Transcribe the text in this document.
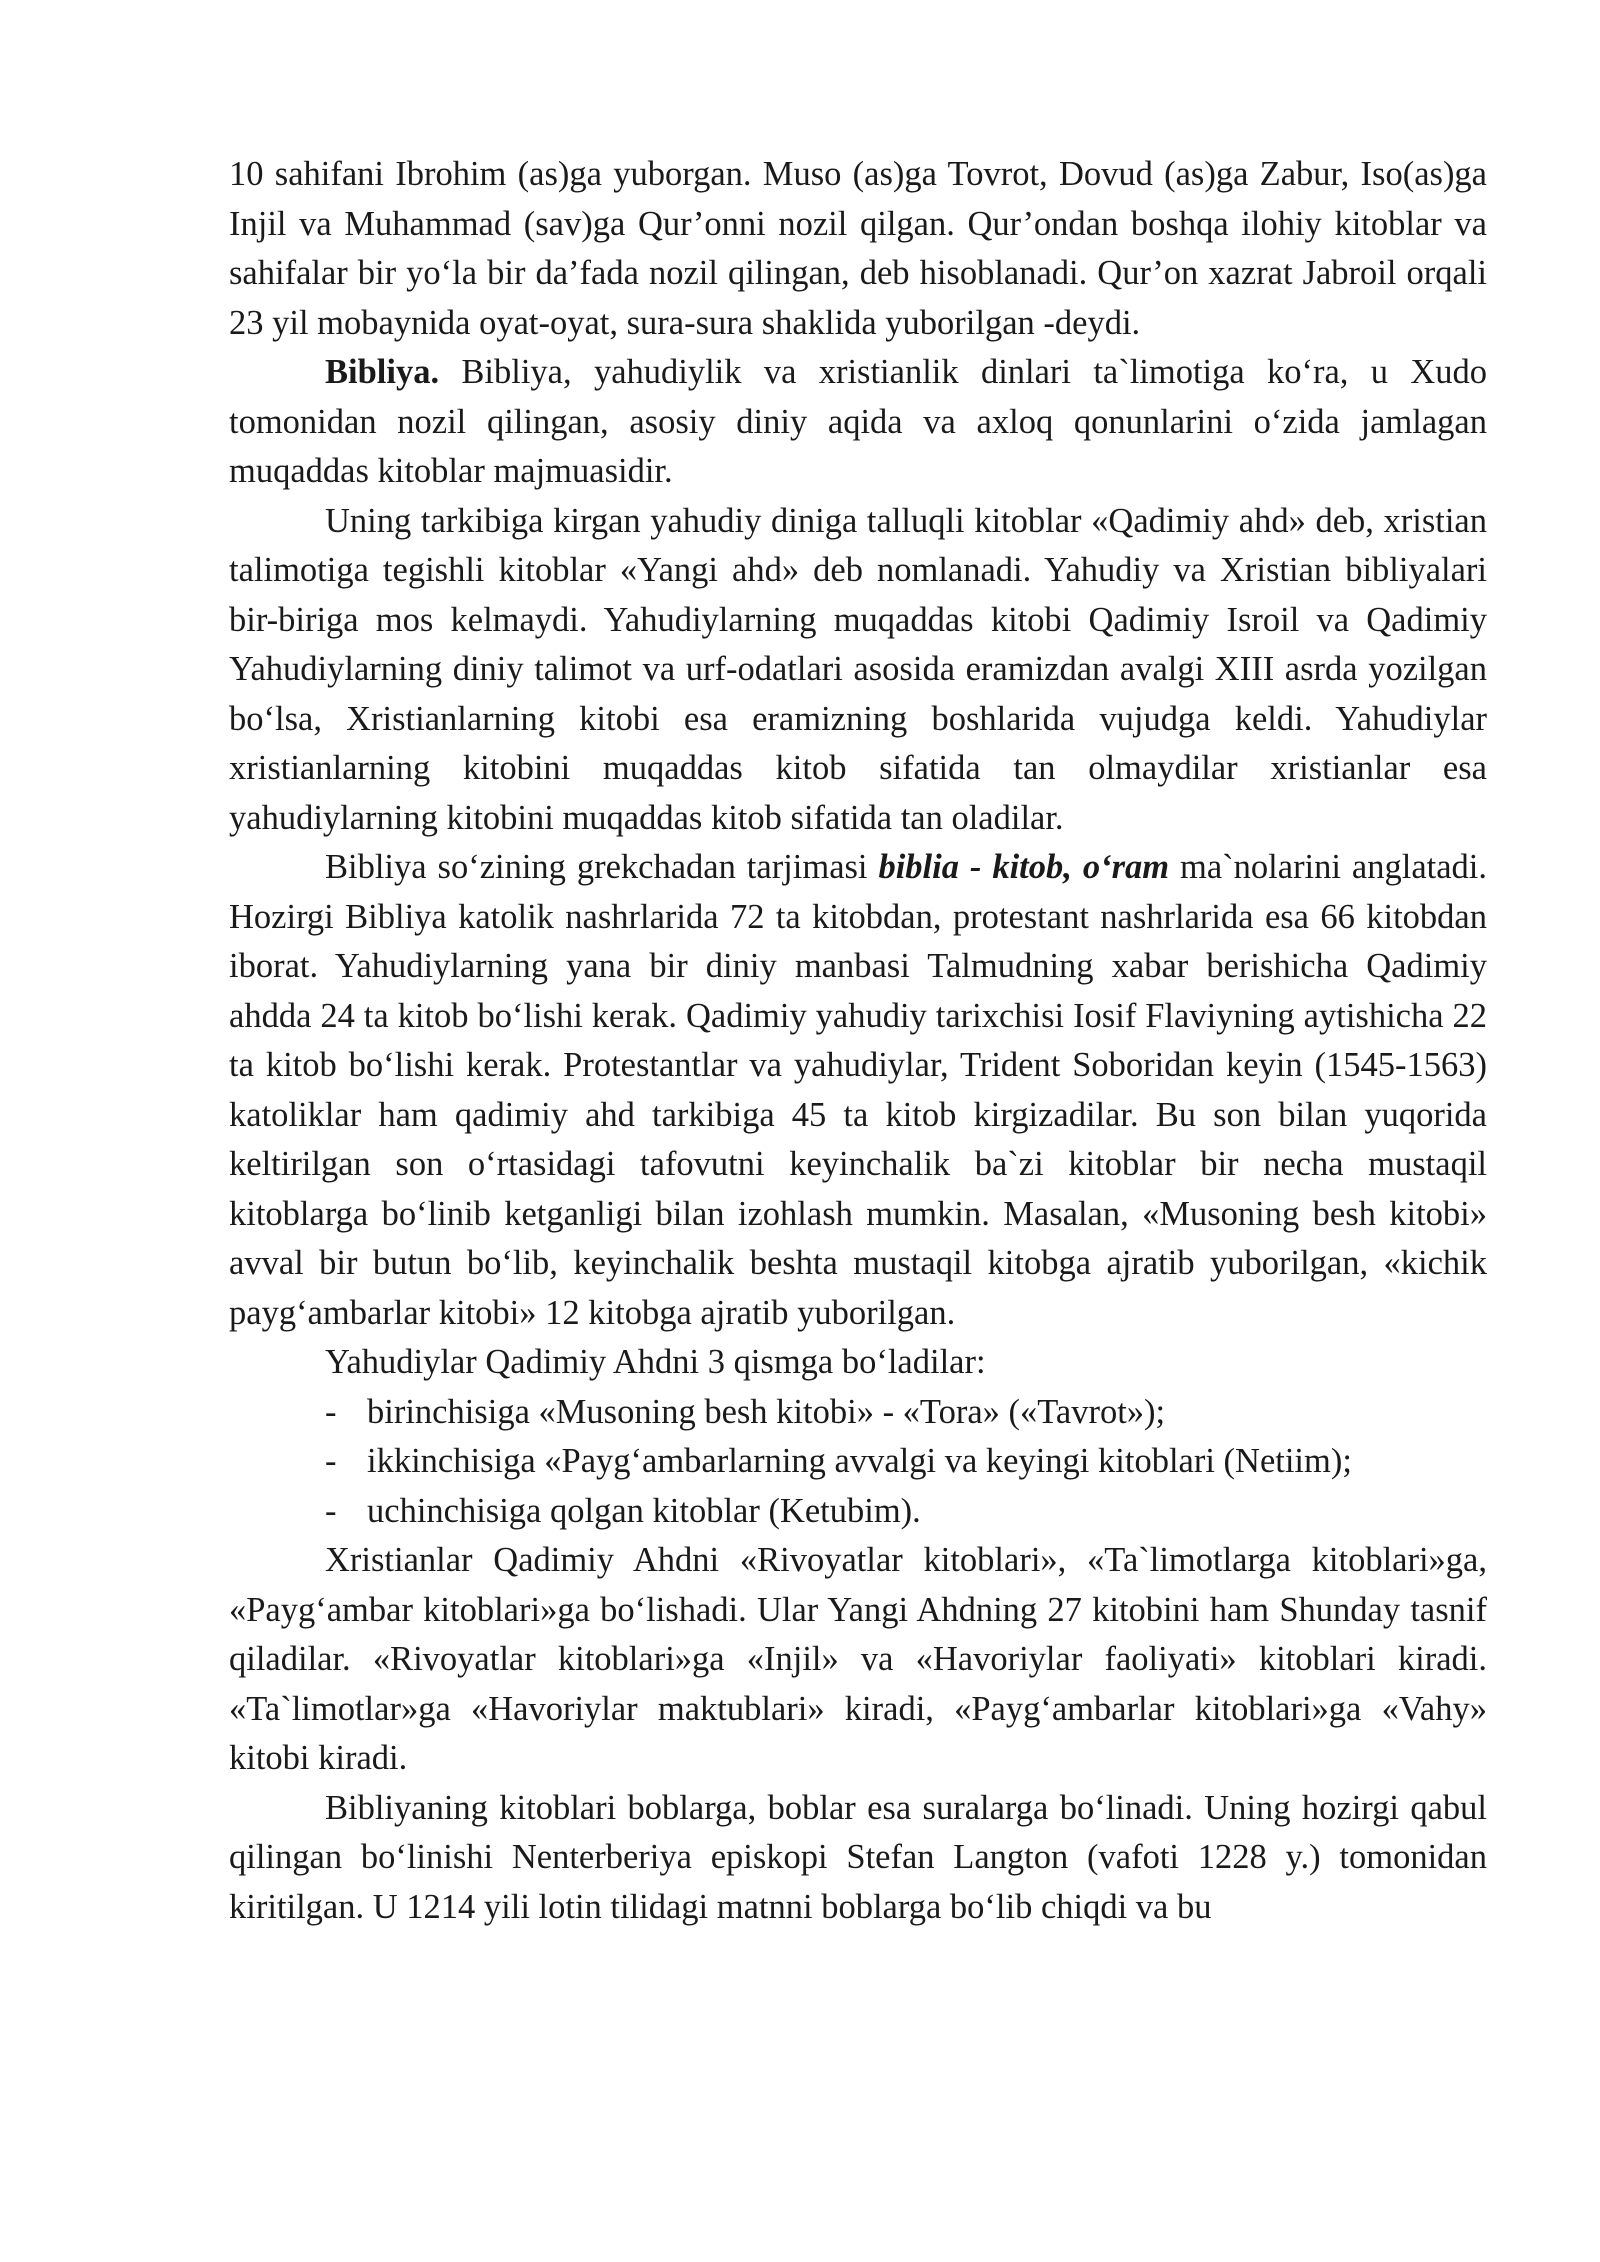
10 sahifani Ibrohim (as)ga yuborgan. Muso (as)ga Tovrot, Dovud (as)ga Zabur, Iso(as)ga Injil va Muhammad (sav)ga Qur’onni nozil qilgan. Qur’ondan boshqa ilohiy kitoblar va sahifalar bir yo‘la bir da’fada nozil qilingan, deb hisoblanadi. Qur’on xazrat Jabroil orqali 23 yil mobaynida oyat-oyat, sura-sura shaklida yuborilgan -deydi.

Bibliya. Bibliya, yahudiylik va xristianlik dinlari ta`limotiga ko‘ra, u Xudo tomonidan nozil qilingan, asosiy diniy aqida va axloq qonunlarini o‘zida jamlagan muqaddas kitoblar majmuasidir.

Uning tarkibiga kirgan yahudiy diniga talluqli kitoblar «Qadimiy ahd» deb, xristian talimotiga tegishli kitoblar «Yangi ahd» deb nomlanadi. Yahudiy va Xristian bibliyalari bir-biriga mos kelmaydi. Yahudiylarning muqaddas kitobi Qadimiy Isroil va Qadimiy Yahudiylarning diniy talimot va urf-odatlari asosida eramizdan avalgi XIII asrda yozilgan bo‘lsa, Xristianlarning kitobi esa eramizning boshlarida vujudga keldi. Yahudiylar xristianlarning kitobini muqaddas kitob sifatida tan olmaydilar xristianlar esa yahudiylarning kitobini muqaddas kitob sifatida tan oladilar.

Bibliya so‘zining grekchadan tarjimasi biblia - kitob, o‘ram ma`nolarini anglatadi. Hozirgi Bibliya katolik nashrlarida 72 ta kitobdan, protestant nashrlarida esa 66 kitobdan iborat. Yahudiylarning yana bir diniy manbasi Talmudning xabar berishicha Qadimiy ahdda 24 ta kitob bo‘lishi kerak. Qadimiy yahudiy tarixchisi Iosif Flaviyning aytishicha 22 ta kitob bo‘lishi kerak. Protestantlar va yahudiylar, Trident Soboridan keyin (1545-1563) katoliklar ham qadimiy ahd tarkibiga 45 ta kitob kirgizadilar. Bu son bilan yuqorida keltirilgan son o‘rtasidagi tafovutni keyinchalik ba`zi kitoblar bir necha mustaqil kitoblarga bo‘linib ketganligi bilan izohlash mumkin. Masalan, «Musoning besh kitobi» avval bir butun bo‘lib, keyinchalik beshta mustaqil kitobga ajratib yuborilgan, «kichik payg‘ambarlar kitobi» 12 kitobga ajratib yuborilgan.

Yahudiylar Qadimiy Ahdni 3 qismga bo‘ladilar:

- birinchisiga «Musoning besh kitobi» - «Tora» («Tavrot»);
- ikkinchisiga «Payg‘ambarlarning avvalgi va keyingi kitoblari (Netiim);
- uchinchisiga qolgan kitoblar (Ketubim).

Xristianlar Qadimiy Ahdni «Rivoyatlar kitoblari», «Ta`limotlarga kitoblari»ga, «Payg‘ambar kitoblari»ga bo‘lishadi. Ular Yangi Ahdning 27 kitobini ham Shunday tasnif qiladilar. «Rivoyatlar kitoblari»ga «Injil» va «Havoriylar faoliyati» kitoblari kiradi. «Ta`limotlar»ga «Havoriylar maktublari» kiradi, «Payg‘ambarlar kitoblari»ga «Vahy» kitobi kiradi.

Bibliyaning kitoblari boblarga, boblar esa suralarga bo‘linadi. Uning hozirgi qabul qilingan bo‘linishi Nenterberiya episkopi Stefan Langton (vafoti 1228 y.) tomonidan kiritilgan. U 1214 yili lotin tilidagi matnni boblarga bo‘lib chiqdi va bu
